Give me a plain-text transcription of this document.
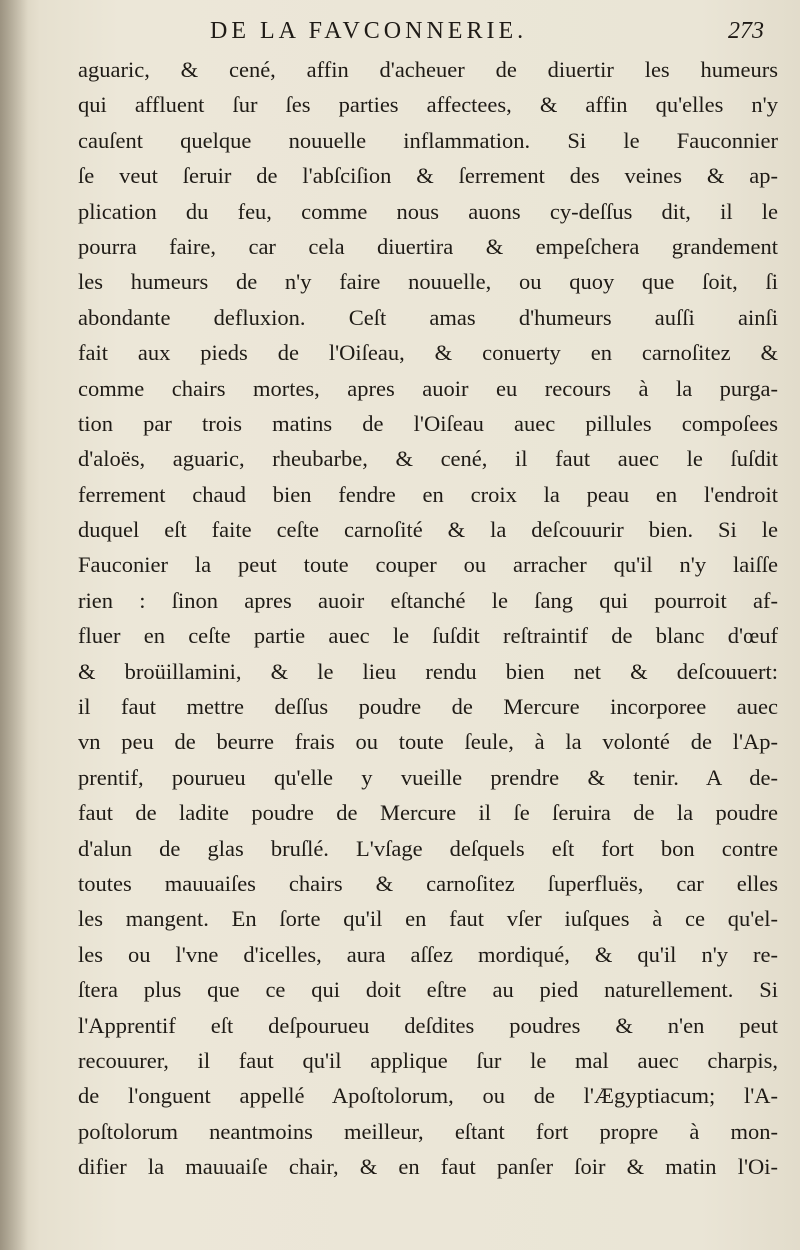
DE LA FAVCONNERIE.	273
aguaric, & cené, affin d'acheuer de diuertir les humeurs
qui affluent ſur ſes parties affectees, & affin qu'elles n'y
cauſent quelque nouuelle inflammation. Si le Fauconnier
ſe veut ſeruir de l'abſciſion & ſerrement des veines & ap-
plication du feu, comme nous auons cy-deſſus dit, il le
pourra faire, car cela diuertira & empeſchera grandement
les humeurs de n'y faire nouuelle, ou quoy que ſoit, ſi
abondante defluxion. Ceſt amas d'humeurs auſſi ainſi
fait aux pieds de l'Oiſeau, & conuerty en carnoſitez &
comme chairs mortes, apres auoir eu recours à la purga-
tion par trois matins de l'Oiſeau auec pillules compoſees
d'aloës, aguaric, rheubarbe, & cené, il faut auec le ſuſdit
ferrement chaud bien fendre en croix la peau en l'endroit
duquel eſt faite ceſte carnoſité & la deſcouurir bien. Si le
Fauconier la peut toute couper ou arracher qu'il n'y laiſſe
rien : ſinon apres auoir eſtanché le ſang qui pourroit af-
fluer en ceſte partie auec le ſuſdit reſtraintif de blanc d'œuf
& broüillamini, & le lieu rendu bien net & deſcouuert:
il faut mettre deſſus poudre de Mercure incorporee auec
vn peu de beurre frais ou toute ſeule, à la volonté de l'Ap-
prentif, pourueu qu'elle y vueille prendre & tenir. A de-
faut de ladite poudre de Mercure il ſe ſeruira de la poudre
d'alun de glas bruſlé. L'vſage deſquels eſt fort bon contre
toutes mauuaiſes chairs & carnoſitez ſuperfluës, car elles
les mangent. En ſorte qu'il en faut vſer iuſques à ce qu'el-
les ou l'vne d'icelles, aura aſſez mordiqué, & qu'il n'y re-
ſtera plus que ce qui doit eſtre au pied naturellement. Si
l'Apprentif eſt deſpourueu deſdites poudres & n'en peut
recouurer, il faut qu'il applique ſur le mal auec charpis,
de l'onguent appellé Apoſtolorum, ou de l'Ægyptiacum; l'A-
poſtolorum neantmoins meilleur, eſtant fort propre à mon-
difier la mauuaiſe chair, & en faut panſer ſoir & matin l'Oi-
